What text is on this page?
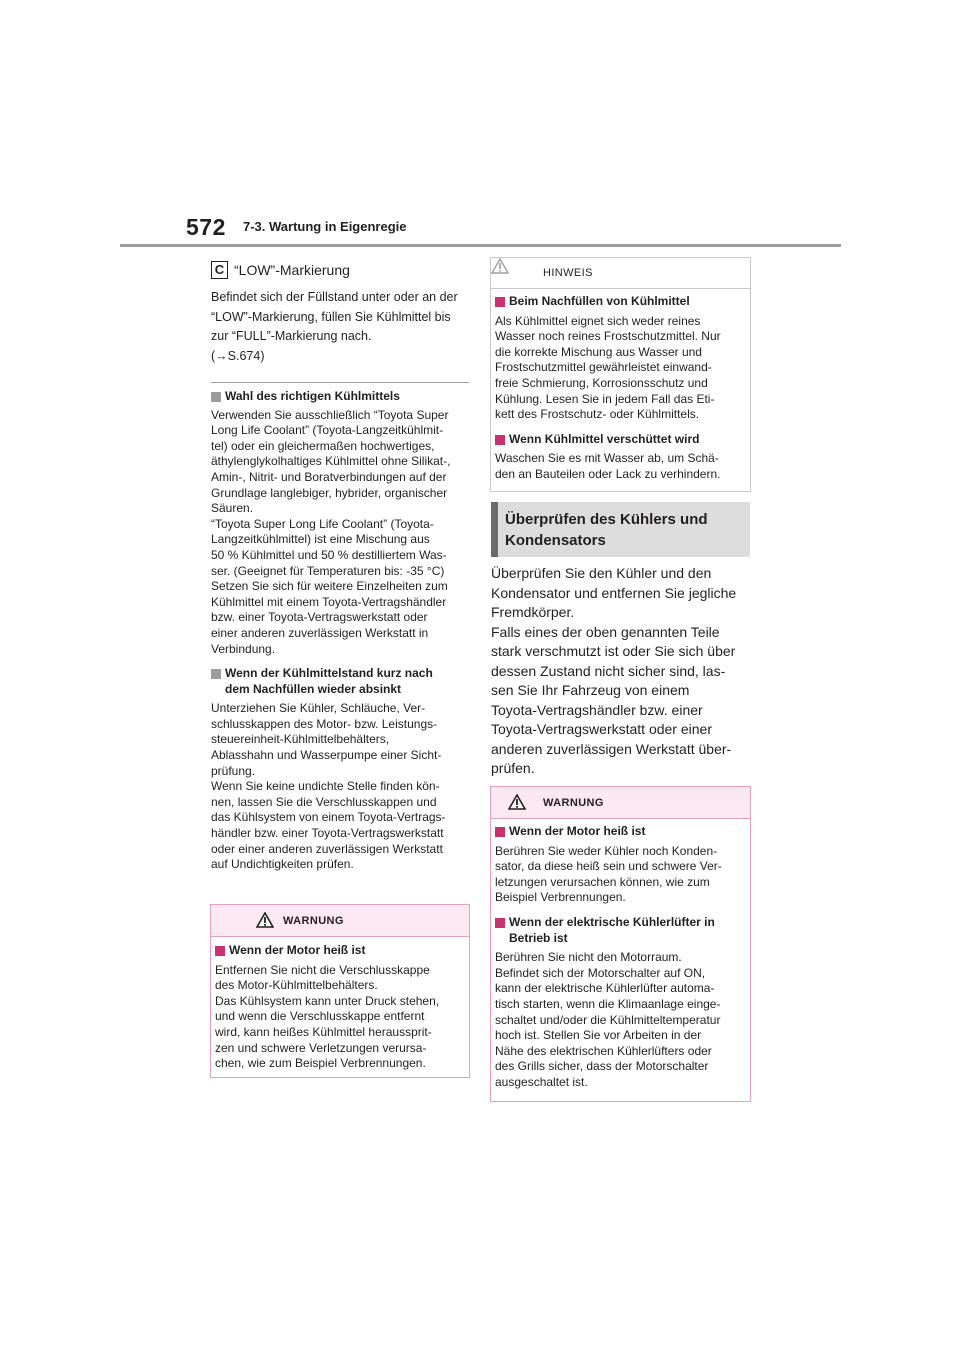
572 7-3. Wartung in Eigenregie
C “LOW”-Markierung

Befindet sich der Füllstand unter oder an der

“LOW”-Markierung, füllen Sie Kühlmittel bis

zur “FULL”-Markierung nach.

(→S.674)

Wahl des richtigen Kühlmittels

Verwenden Sie ausschließlich “Toyota Super

Long Life Coolant” (Toyota-Langzeitkühlmit-

tel) oder ein gleichermaßen hochwertiges,

äthylenglykolhaltiges Kühlmittel ohne Silikat-,

Amin-, Nitrit- und Boratverbindungen auf der

Grundlage langlebiger, hybrider, organischer

Säuren.

“Toyota Super Long Life Coolant” (Toyota-

Langzeitkühlmittel) ist eine Mischung aus

50 % Kühlmittel und 50 % destilliertem Was-

ser. (Geeignet für Temperaturen bis: -35 °C)

Setzen Sie sich für weitere Einzelheiten zum

Kühlmittel mit einem Toyota-Vertragshändler

bzw. einer Toyota-Vertragswerkstatt oder

einer anderen zuverlässigen Werkstatt in

Verbindung.

Wenn der Kühlmittelstand kurz nach
dem Nachfüllen wieder absinkt

Unterziehen Sie Kühler, Schläuche, Ver-

schlusskappen des Motor- bzw. Leistungs-

steuereinheit-Kühlmittelbehälters,

Ablasshahn und Wasserpumpe einer Sicht-

prüfung.

Wenn Sie keine undichte Stelle finden kön-

nen, lassen Sie die Verschlusskappen und

das Kühlsystem von einem Toyota-Vertrags-

händler bzw. einer Toyota-Vertragswerkstatt

oder einer anderen zuverlässigen Werkstatt

auf Undichtigkeiten prüfen.

WARNUNG
Wenn der Motor heiß ist

Entfernen Sie nicht die Verschlusskappe

des Motor-Kühlmittelbehälters.

Das Kühlsystem kann unter Druck stehen,

und wenn die Verschlusskappe entfernt

wird, kann heißes Kühlmittel heraussprit-

zen und schwere Verletzungen verursa-

chen, wie zum Beispiel Verbrennungen.

HINWEIS
Beim Nachfüllen von Kühlmittel

Als Kühlmittel eignet sich weder reines

Wasser noch reines Frostschutzmittel. Nur

die korrekte Mischung aus Wasser und

Frostschutzmittel gewährleistet einwand-

freie Schmierung, Korrosionsschutz und

Kühlung. Lesen Sie in jedem Fall das Eti-

kett des Frostschutz- oder Kühlmittels.

Wenn Kühlmittel verschüttet wird

Waschen Sie es mit Wasser ab, um Schä-

den an Bauteilen oder Lack zu verhindern.

Überprüfen des Kühlers und
Kondensators

Überprüfen Sie den Kühler und den

Kondensator und entfernen Sie jegliche

Fremdkörper.

Falls eines der oben genannten Teile

stark verschmutzt ist oder Sie sich über

dessen Zustand nicht sicher sind, las-

sen Sie Ihr Fahrzeug von einem

Toyota-Vertragshändler bzw. einer

Toyota-Vertragswerkstatt oder einer

anderen zuverlässigen Werkstatt über-

prüfen.

WARNUNG
Wenn der Motor heiß ist

Berühren Sie weder Kühler noch Konden-

sator, da diese heiß sein und schwere Ver-

letzungen verursachen können, wie zum

Beispiel Verbrennungen.

Wenn der elektrische Kühlerlüfter in
Betrieb ist

Berühren Sie nicht den Motorraum.

Befindet sich der Motorschalter auf ON,

kann der elektrische Kühlerlüfter automa-

tisch starten, wenn die Klimaanlage einge-

schaltet und/oder die Kühlmitteltemperatur

hoch ist. Stellen Sie vor Arbeiten in der

Nähe des elektrischen Kühlerlüfters oder

des Grills sicher, dass der Motorschalter

ausgeschaltet ist.
